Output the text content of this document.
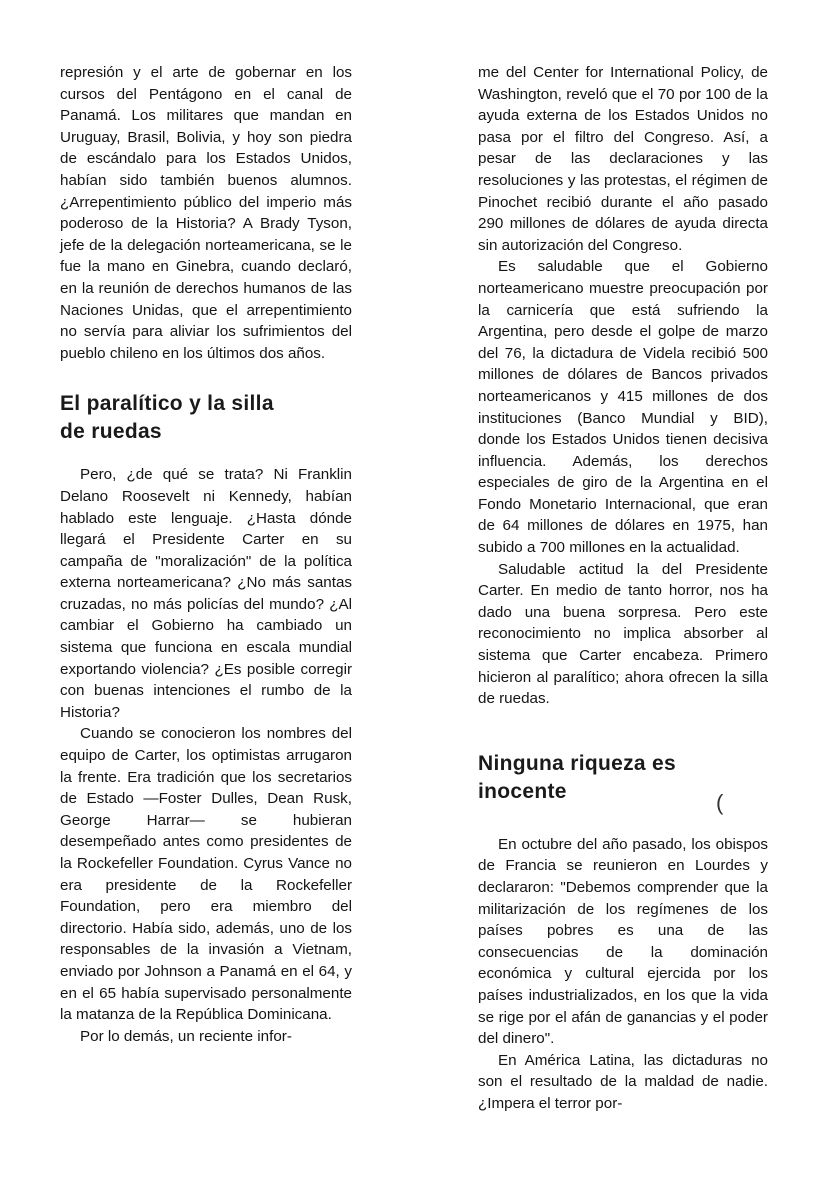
represión y el arte de gobernar en los cursos del Pentágono en el canal de Panamá. Los militares que mandan en Uruguay, Brasil, Bolivia, y hoy son piedra de escándalo para los Estados Unidos, habían sido también buenos alumnos. ¿Arrepentimiento público del imperio más poderoso de la Historia? A Brady Tyson, jefe de la delegación norteamericana, se le fue la mano en Ginebra, cuando declaró, en la reunión de derechos humanos de las Naciones Unidas, que el arrepentimiento no servía para aliviar los sufrimientos del pueblo chileno en los últimos dos años.

El paralítico y la silla de ruedas

Pero, ¿de qué se trata? Ni Franklin Delano Roosevelt ni Kennedy, habían hablado este lenguaje. ¿Hasta dónde llegará el Presidente Carter en su campaña de "moralización" de la política externa norteamericana? ¿No más santas cruzadas, no más policías del mundo? ¿Al cambiar el Gobierno ha cambiado un sistema que funciona en escala mundial exportando violencia? ¿Es posible corregir con buenas intenciones el rumbo de la Historia?

Cuando se conocieron los nombres del equipo de Carter, los optimistas arrugaron la frente. Era tradición que los secretarios de Estado —Foster Dulles, Dean Rusk, George Harrar— se hubieran desempeñado antes como presidentes de la Rockefeller Foundation. Cyrus Vance no era presidente de la Rockefeller Foundation, pero era miembro del directorio. Había sido, además, uno de los responsables de la invasión a Vietnam, enviado por Johnson a Panamá en el 64, y en el 65 había supervisado personalmente la matanza de la República Dominicana.

Por lo demás, un reciente infor-

me del Center for International Policy, de Washington, reveló que el 70 por 100 de la ayuda externa de los Estados Unidos no pasa por el filtro del Congreso. Así, a pesar de las declaraciones y las resoluciones y las protestas, el régimen de Pinochet recibió durante el año pasado 290 millones de dólares de ayuda directa sin autorización del Congreso.

Es saludable que el Gobierno norteamericano muestre preocupación por la carnicería que está sufriendo la Argentina, pero desde el golpe de marzo del 76, la dictadura de Videla recibió 500 millones de dólares de Bancos privados norteamericanos y 415 millones de dos instituciones (Banco Mundial y BID), donde los Estados Unidos tienen decisiva influencia. Además, los derechos especiales de giro de la Argentina en el Fondo Monetario Internacional, que eran de 64 millones de dólares en 1975, han subido a 700 millones en la actualidad.

Saludable actitud la del Presidente Carter. En medio de tanto horror, nos ha dado una buena sorpresa. Pero este reconocimiento no implica absorber al sistema que Carter encabeza. Primero hicieron al paralítico; ahora ofrecen la silla de ruedas.

Ninguna riqueza es inocente

En octubre del año pasado, los obispos de Francia se reunieron en Lourdes y declararon: "Debemos comprender que la militarización de los regímenes de los países pobres es una de las consecuencias de la dominación económica y cultural ejercida por los países industrializados, en los que la vida se rige por el afán de ganancias y el poder del dinero".

En América Latina, las dictaduras no son el resultado de la maldad de nadie. ¿Impera el terror por-

(
